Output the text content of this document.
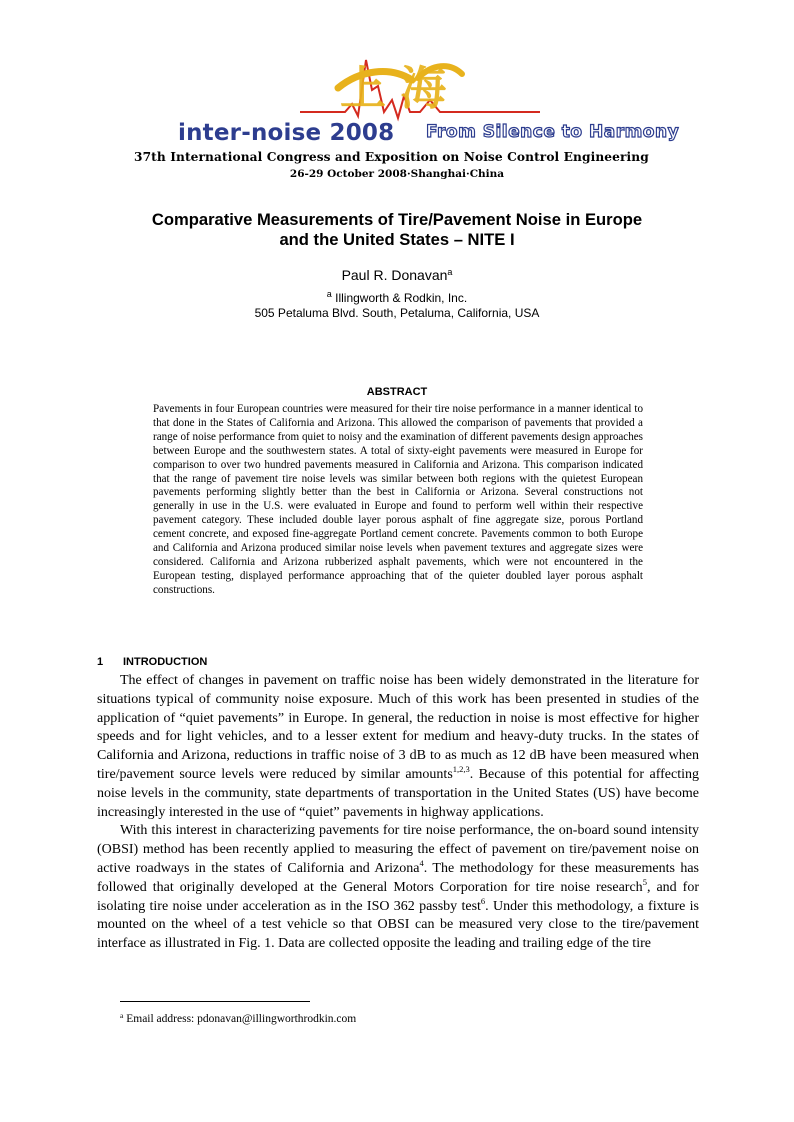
上海
inter-noise 2008 From Silence to Harmony
37th International Congress and Exposition on Noise Control Engineering
26-29 October 2008·Shanghai·China
Comparative Measurements of Tire/Pavement Noise in Europe
and the United States – NITE I
Paul R. Donavan$^a$
$^a$ Illingworth & Rodkin, Inc.
505 Petaluma Blvd. South, Petaluma, California, USA
ABSTRACT
Pavements in four European countries were measured for their tire noise performance in a manner identical to that done in the States of California and Arizona. This allowed the comparison of pavements that provided a range of noise performance from quiet to noisy and the examination of different pavements design approaches between Europe and the southwestern states. A total of sixty-eight pavements were measured in Europe for comparison to over two hundred pavements measured in California and Arizona. This comparison indicated that the range of pavement tire noise levels was similar between both regions with the quietest European pavements performing slightly better than the best in California or Arizona. Several constructions not generally in use in the U.S. were evaluated in Europe and found to perform well within their respective pavement category. These included double layer porous asphalt of fine aggregate size, porous Portland cement concrete, and exposed fine-aggregate Portland cement concrete. Pavements common to both Europe and California and Arizona produced similar noise levels when pavement textures and aggregate sizes were considered. California and Arizona rubberized asphalt pavements, which were not encountered in the European testing, displayed performance approaching that of the quieter doubled layer porous asphalt constructions.
1 INTRODUCTION

The effect of changes in pavement on traffic noise has been widely demonstrated in the literature for situations typical of community noise exposure. Much of this work has been presented in studies of the application of “quiet pavements” in Europe. In general, the reduction in noise is most effective for higher speeds and for light vehicles, and to a lesser extent for medium and heavy-duty trucks. In the states of California and Arizona, reductions in traffic noise of 3 dB to as much as 12 dB have been measured when tire/pavement source levels were reduced by similar amounts$^{1,2,3}$. Because of this potential for affecting noise levels in the community, state departments of transportation in the United States (US) have become increasingly interested in the use of “quiet” pavements in highway applications.

With this interest in characterizing pavements for tire noise performance, the on-board sound intensity (OBSI) method has been recently applied to measuring the effect of pavement on tire/pavement noise on active roadways in the states of California and Arizona$^4$. The methodology for these measurements has followed that originally developed at the General Motors Corporation for tire noise research$^5$, and for isolating tire noise under acceleration as in the ISO 362 passby test$^6$. Under this methodology, a fixture is mounted on the wheel of a test vehicle so that OBSI can be measured very close to the tire/pavement interface as illustrated in Fig. 1. Data are collected opposite the leading and trailing edge of the tire

$^a$ Email address: pdonavan@illingworthrodkin.com
